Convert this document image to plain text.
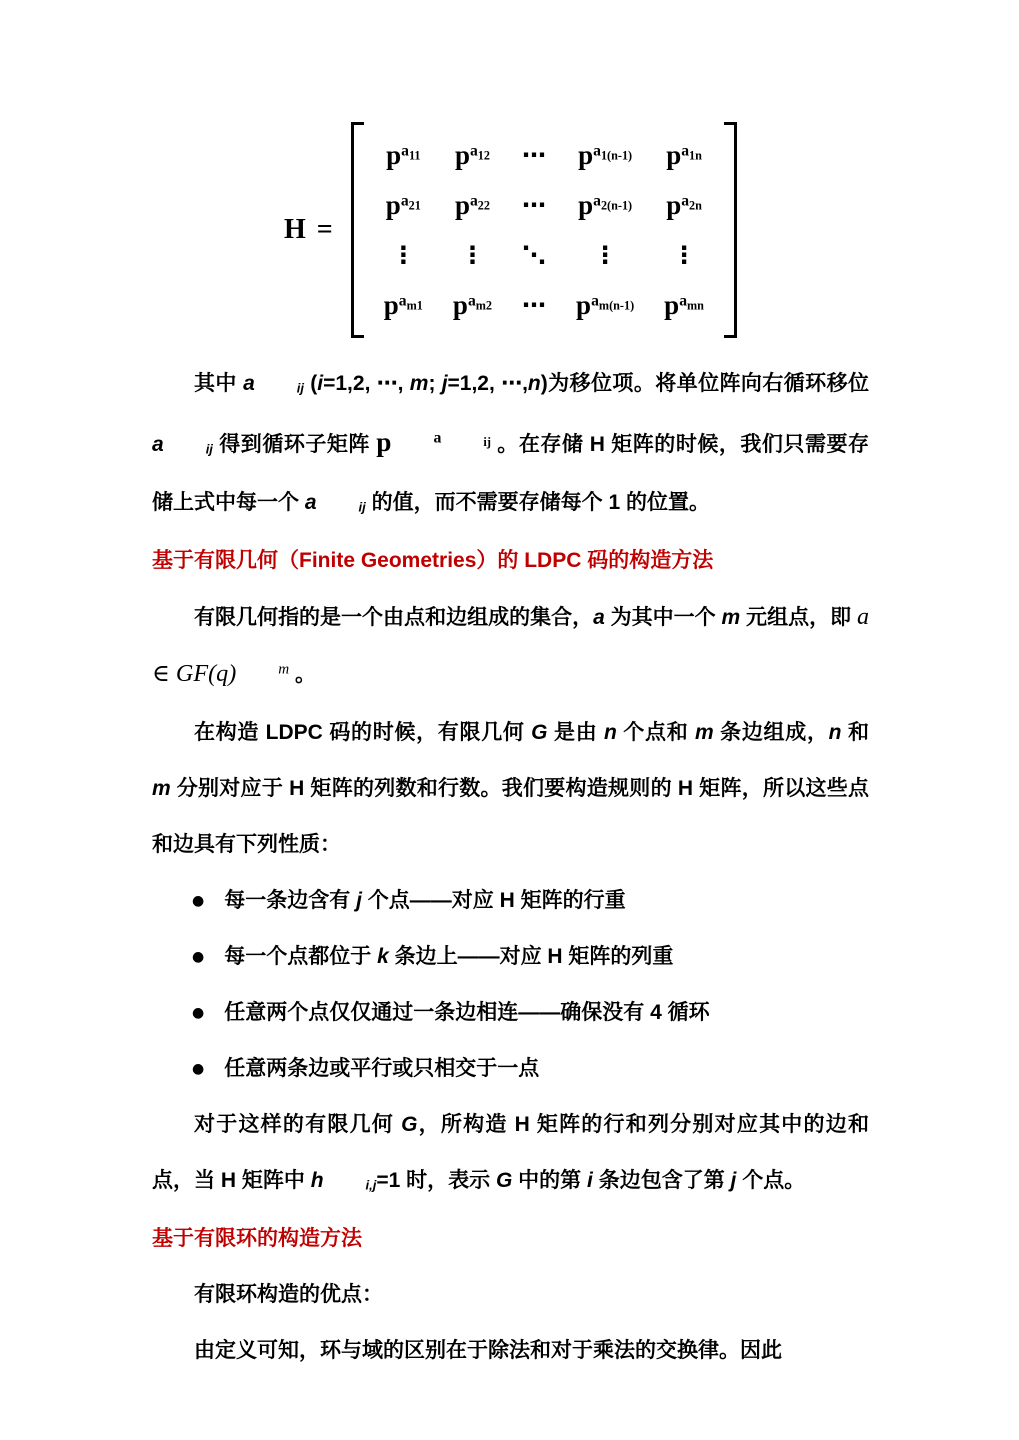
H =
pa11 pa12 ⋯ pa1(n-1) pa1n
pa21 pa22 ⋯ pa2(n-1) pa2n
⋮ ⋮ ⋱ ⋮ ⋮
pam1 pam2 ⋯ pam(n-1) pamn
其中 a	ij (i=1,2, ⋯, m; j=1,2, ⋯,n)为移位项。将单位阵向右循环移位 a	ij 得到循环子矩阵 p	a	ij 。在存储 H 矩阵的时候，我们只需要存储上式中每一个 a	ij 的值，而不需要存储每个 1 的位置。
基于有限几何（Finite Geometries）的 LDPC 码的构造方法
有限几何指的是一个由点和边组成的集合，a 为其中一个 m 元组点，即 a ∈ GF(q)	m 。
在构造 LDPC 码的时候，有限几何 G 是由 n 个点和 m 条边组成，n 和 m 分别对应于 H 矩阵的列数和行数。我们要构造规则的 H 矩阵，所以这些点和边具有下列性质：
● 每一条边含有 j 个点——对应 H 矩阵的行重
● 每一个点都位于 k 条边上——对应 H 矩阵的列重
● 任意两个点仅仅通过一条边相连——确保没有 4 循环
● 任意两条边或平行或只相交于一点
对于这样的有限几何 G，所构造 H 矩阵的行和列分别对应其中的边和点，当 H 矩阵中 h	i,j=1 时，表示 G 中的第 i 条边包含了第 j 个点。
基于有限环的构造方法
有限环构造的优点：
由定义可知，环与域的区别在于除法和对于乘法的交换律。因此
